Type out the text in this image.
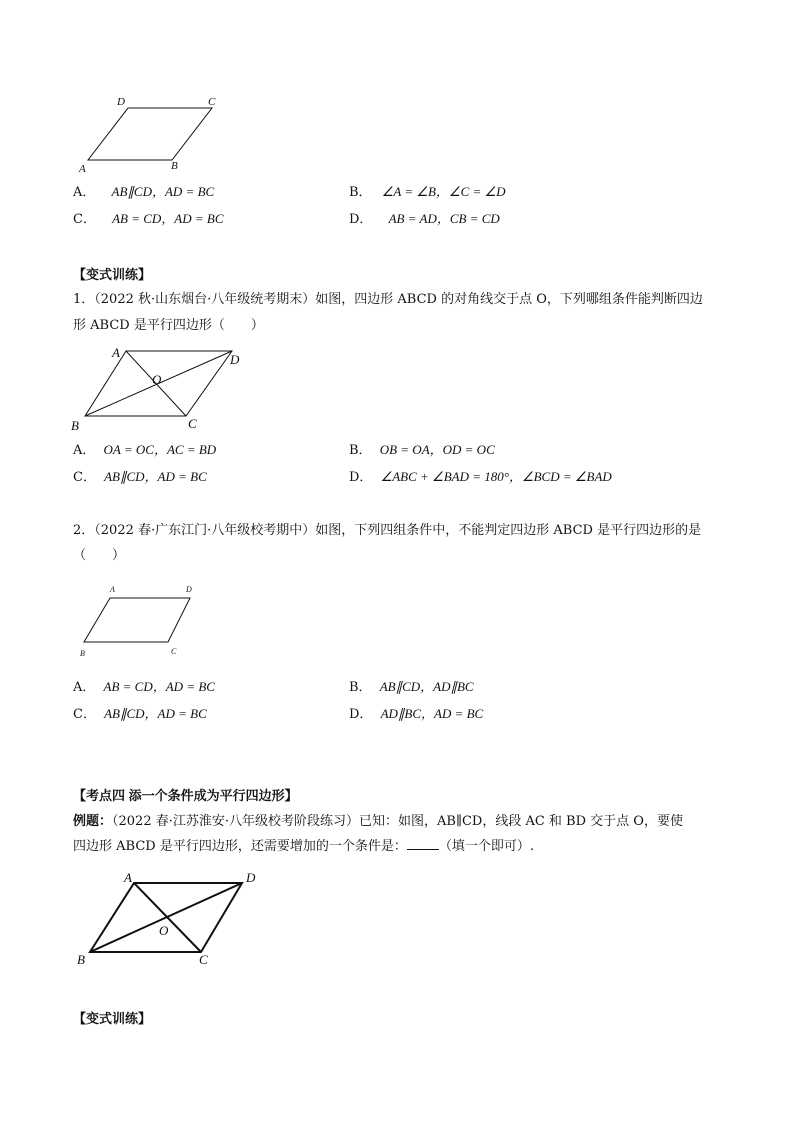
A	B
C
D
A． AB∥CD，AD = BC	B． ∠A = ∠B，∠C = ∠D
C． AB = CD，AD = BC	D． AB = AD，CB = CD
【变式训练】
1．（2022 秋·山东烟台·八年级统考期末）如图，四边形 ABCD 的对角线交于点 O，下列哪组条件能判断四边
形 ABCD 是平行四边形（　　）
A	D
O
B	C
A． OA = OC，AC = BD	B． OB = OA，OD = OC
C． AB∥CD，AD = BC	D． ∠ABC + ∠BAD = 180°，∠BCD = ∠BAD
2．（2022 春·广东江门·八年级校考期中）如图，下列四组条件中，不能判定四边形 ABCD 是平行四边形的是
（　　）
A	D
B	C
A． AB = CD，AD = BC	B． AB∥CD，AD∥BC
C． AB∥CD，AD = BC	D． AD∥BC，AD = BC
【考点四 添一个条件成为平行四边形】
例题：（2022 春·江苏淮安·八年级校考阶段练习）已知：如图，AB∥CD，线段 AC 和 BD 交于点 O，要使
四边形 ABCD 是平行四边形，还需要增加的一个条件是： （填一个即可）.
A	D
O
B	C
【变式训练】
